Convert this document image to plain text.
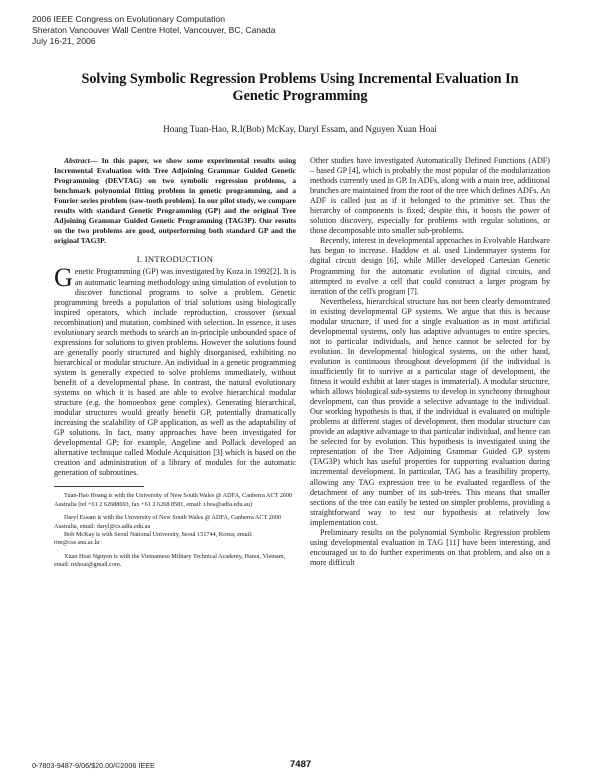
2006 IEEE Congress on Evolutionary Computation
Sheraton Vancouver Wall Centre Hotel, Vancouver, BC, Canada
July 16-21, 2006
Solving Symbolic Regression Problems Using Incremental Evaluation In Genetic Programming
Hoang Tuan-Hao, R.I(Bob) McKay, Daryl Essam, and Nguyen Xuan Hoai

Abstract— In this paper, we show some experimental results using Incremental Evaluation with Tree Adjoining Grammar Guided Genetic Programming (DEVTAG) on two symbolic regression problems, a benchmark polynomial fitting problem in genetic programming, and a Fourier series problem (saw-tooth problem). In our pilot study, we compare results with standard Genetic Programming (GP) and the original Tree Adjoining Grammar Guided Genetic Programming (TAG3P). Our results on the two problems are good, outperforming both standard GP and the original TAG3P.

I. INTRODUCTION

Genetic Programming (GP) was investigated by Koza in 1992[2]. It is an automatic learning methodology using simulation of evolution to discover functional programs to solve a problem. Genetic programming breeds a population of trial solutions using biologically inspired operators, which include reproduction, crossover (sexual recombination) and mutation, combined with selection. In essence, it uses evolutionary search methods to search an in-principle unbounded space of expressions for solutions to given problems. However the solutions found are generally poorly structured and highly disorganised, exhibiting no hierarchical or modular structure. An individual in a genetic programming system is generally expected to solve problems immediately, without benefit of a developmental phase. In contrast, the natural evolutionary systems on which it is based are able to evolve hierarchical modular structure (e.g. the homoeobox gene complex). Generating hierarchical, modular structures would greatly benefit GP, potentially dramatically increasing the scalability of GP application, as well as the adaptability of GP solutions. In fact, many approaches have been investigated for developmental GP; for example, Angeline and Pollack developed an alternative technique called Module Acquisition [3] which is based on the creation and administration of a library of modules for the automatic generation of subroutines.

Tuan-Hao Hoang is with the University of New South Wales @ ADFA, Canberra ACT 2600 Australia (tel +61 2 62688693, fax +61 2 6268 8581, email: t.hoa@adfa.edu.au)

Daryl Essam is with the University of New South Wales @ ADFA, Canberra ACT 2600 Australia, email: daryl@cs.adfa.edu.au

Bob McKay is with Seoul National University, Seoul 151744, Korea; email: rim@cse.snu.ac.kr

Xuan Hoai Nguyen is with the Vietnamese Military Technical Academy, Hanoi, Vietnam, email: nxhoai@gmail.com.

Other studies have investigated Automatically Defined Functions (ADF) – based GP [4], which is probably the most popular of the modularization methods currently used in GP. In ADFs, along with a main tree, additional branches are maintained from the root of the tree which defines ADFs. An ADF is called just as if it belonged to the primitive set. Thus the hierarchy of components is fixed; despite this, it boosts the power of solution discovery, especially for problems with regular solutions, or those decomposable into smaller sub-problems.

Recently, interest in developmental approaches in Evolvable Hardware has begun to increase. Haddow et al. used Lindenmayer systems for digital circuit design [6], while Miller developed Cartesian Genetic Programming for the automatic evolution of digital circuits, and attempted to evolve a cell that could construct a larger program by iteration of the cell's program [7].

Nevertheless, hierarchical structure has not been clearly demonstrated in existing developmental GP systems. We argue that this is because modular structure, if used for a single evaluation as in most artificial developmental systems, only has adaptive advantages to entire species, not to particular individuals, and hence cannot be selected for by evolution. In developmental biological systems, on the other hand, evolution is continuous throughout development (if the individual is insufficiently fit to survive at a particular stage of development, the fitness it would exhibit at later stages is immaterial). A modular structure, which allows biological sub-systems to develop in synchrony throughout development, can thus provide a selective advantage to the individual. Our working hypothesis is that, if the individual is evaluated on multiple problems at different stages of development, then modular structure can provide an adaptive advantage to that particular individual, and hence can be selected for by evolution. This hypothesis is investigated using the representation of the Tree Adjoining Grammar Guided GP system (TAG3P) which has useful properties for supporting evaluation during incremental development. In particular, TAG has a feasibility property, allowing any TAG expression tree to be evaluated regardless of the detachment of any number of its sub-trees. This means that smaller sections of the tree can easily be tested on simpler problems, providing a straightforward way to test our hypothesis at relatively low implementation cost.

Preliminary results on the polynomial Symbolic Regression problem using developmental evaluation in TAG [11] have been interesting, and encouraged us to do further experiments on that problem, and also on a more difficult

0-7803-9487-9/06/$20.00/©2006 IEEE	7487
